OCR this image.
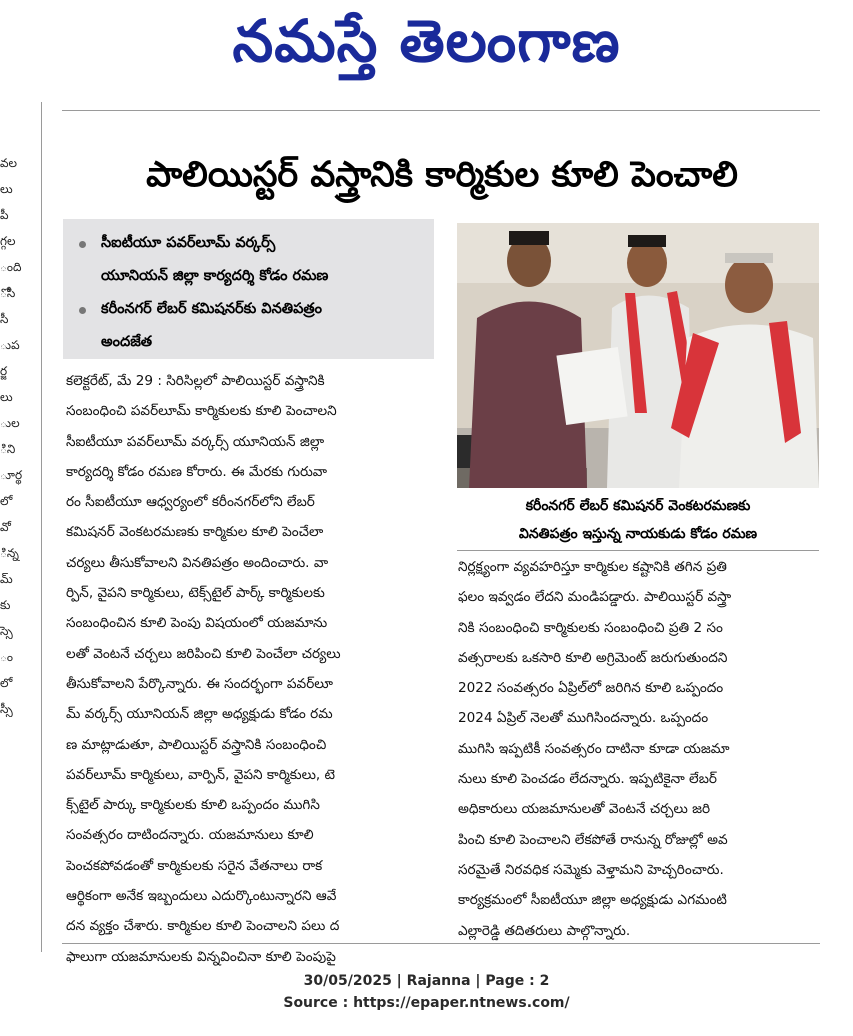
నమస్తే తెలంగాణ
వల
లు
పీ
గ్గల
ంది
ోసి
సీ
ుప
ర్జ
లు
ుల
ిని
ూర్థ
లో
వో
ిన్న
మ్
కు
స్సె
ం
లో
స్సీ
పాలియిస్టర్ వస్త్రానికి కార్మికుల కూలి పెంచాలి
సీఐటీయూ పవర్‌లూమ్ వర్కర్స్
యూనియన్ జిల్లా కార్యదర్శి కోడం రమణ
కరీంనగర్ లేబర్ కమిషనర్‌కు వినతిపత్రం
అందజేత
కరీంనగర్ లేబర్ కమిషనర్ వెంకటరమణకు
వినతిపత్రం ఇస్తున్న నాయకుడు కోడం రమణ
కలెక్టరేట్, మే 29 : సిరిసిల్లలో పాలియిస్టర్ వస్త్రానికి
సంబంధించి పవర్‌లూమ్ కార్మికులకు కూలి పెంచాలని
సీఐటీయూ పవర్‌లూమ్ వర్కర్స్ యూనియన్ జిల్లా
కార్యదర్శి కోడం రమణ కోరారు. ఈ మేరకు గురువా
రం సీఐటీయూ ఆధ్వర్యంలో కరీంనగర్‌లోని లేబర్
కమిషనర్ వెంకటరమణకు కార్మికుల కూలి పెంచేలా
చర్యలు తీసుకోవాలని వినతిపత్రం అందించారు. వా
ర్పిన్, వైపని కార్మికులు, టెక్స్‌టైల్ పార్క్ కార్మికులకు
సంబంధించిన కూలి పెంపు విషయంలో యజమాను
లతో వెంటనే చర్చలు జరిపించి కూలి పెంచేలా చర్యలు
తీసుకోవాలని పేర్కొన్నారు. ఈ సందర్భంగా పవర్‌లూ
మ్ వర్కర్స్ యూనియన్ జిల్లా అధ్యక్షుడు కోడం రమ
ణ మాట్లాడుతూ, పాలియిస్టర్ వస్త్రానికి సంబంధించి
పవర్‌లూమ్ కార్మికులు, వార్పిన్, వైపని కార్మికులు, టె
క్స్‌టైల్ పార్కు కార్మికులకు కూలి ఒప్పందం ముగిసి
సంవత్సరం దాటిందన్నారు. యజమానులు కూలి
పెంచకపోవడంతో కార్మికులకు సరైన వేతనాలు రాక
ఆర్థికంగా అనేక ఇబ్బందులు ఎదుర్కొంటున్నారని ఆవే
దన వ్యక్తం చేశారు. కార్మికుల కూలి పెంచాలని పలు ద
ఫాలుగా యజమానులకు విన్నవించినా కూలి పెంపుపై
నిర్లక్ష్యంగా వ్యవహరిస్తూ కార్మికుల కష్టానికి తగిన ప్రతి
ఫలం ఇవ్వడం లేదని మండిపడ్డారు. పాలియిస్టర్ వస్త్రా
నికి సంబంధించి కార్మికులకు సంబంధించి ప్రతి 2 సం
వత్సరాలకు ఒకసారి కూలి అగ్రిమెంట్ జరుగుతుందని
2022 సంవత్సరం ఏప్రిల్‌లో జరిగిన కూలి ఒప్పందం
2024 ఏప్రిల్ నెలతో ముగిసిందన్నారు. ఒప్పందం
ముగిసి ఇప్పటికీ సంవత్సరం దాటినా కూడా యజమా
నులు కూలి పెంచడం లేదన్నారు. ఇప్పటికైనా లేబర్
అధికారులు యజమానులతో వెంటనే చర్చలు జరి
పించి కూలి పెంచాలని లేకపోతే రానున్న రోజుల్లో అవ
సరమైతే నిరవధిక సమ్మెకు వెళ్తామని హెచ్చరించారు.
కార్యక్రమంలో సీఐటీయూ జిల్లా అధ్యక్షుడు ఎగమంటి
ఎల్లారెడ్డి తదితరులు పాల్గొన్నారు.
30/05/2025 | Rajanna | Page : 2
Source : https://epaper.ntnews.com/
